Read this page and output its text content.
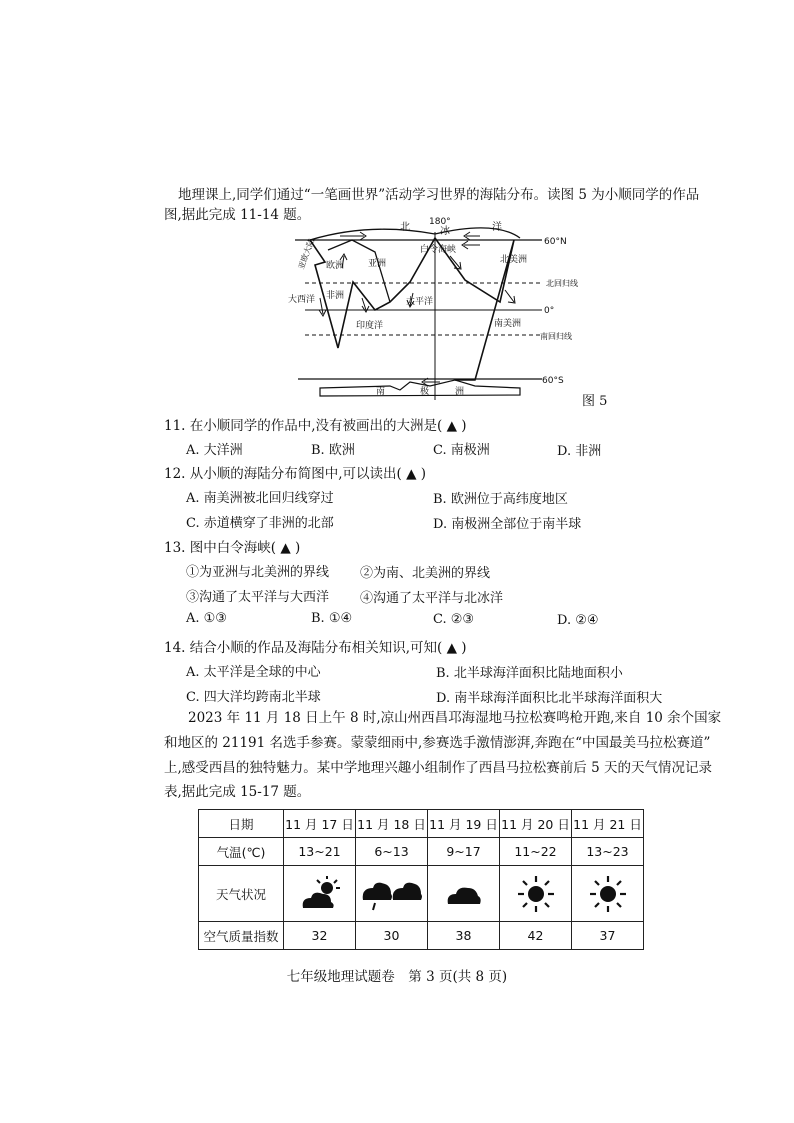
地理课上,同学们通过“一笔画世界”活动学习世界的海陆分布。读图 5 为小顺同学的作品
图,据此完成 11-14 题。	180°
北	冰	洋
白令海峡
亚欧大陆 欧洲	亚洲	北美洲
非洲
大西洋	太平洋
印度洋	南美洲
南	极	洲
60°N
北回归线
0°
南回归线
60°S
图 5
11. 在小顺同学的作品中,没有被画出的大洲是( ▲ )
A. 大洋洲	B. 欧洲	C. 南极洲	D. 非洲
12. 从小顺的海陆分布简图中,可以读出( ▲ )
A. 南美洲被北回归线穿过	B. 欧洲位于高纬度地区
C. 赤道横穿了非洲的北部	D. 南极洲全部位于南半球
13. 图中白令海峡( ▲ )
①为亚洲与北美洲的界线 ②为南、北美洲的界线
③沟通了太平洋与大西洋 ④沟通了太平洋与北冰洋
A. ①③	B. ①④	C. ②③	D. ②④
14. 结合小顺的作品及海陆分布相关知识,可知( ▲ )
A. 太平洋是全球的中心	B. 北半球海洋面积比陆地面积小
C. 四大洋均跨南北半球	D. 南半球海洋面积比北半球海洋面积大
2023 年 11 月 18 日上午 8 时,凉山州西昌邛海湿地马拉松赛鸣枪开跑,来自 10 余个国家
和地区的 21191 名选手参赛。蒙蒙细雨中,参赛选手激情澎湃,奔跑在“中国最美马拉松赛道”
上,感受西昌的独特魅力。某中学地理兴趣小组制作了西昌马拉松赛前后 5 天的天气情况记录
表,据此完成 15-17 题。
日期	11 月 17 日	11 月 18 日	11 月 19 日	11 月 20 日	11 月 21 日
气温(℃)	13~21	6~13	9~17	11~22	13~23
天气状况	

空气质量指数	32	30	38	42	37
七年级地理试题卷　第 3 页(共 8 页)
